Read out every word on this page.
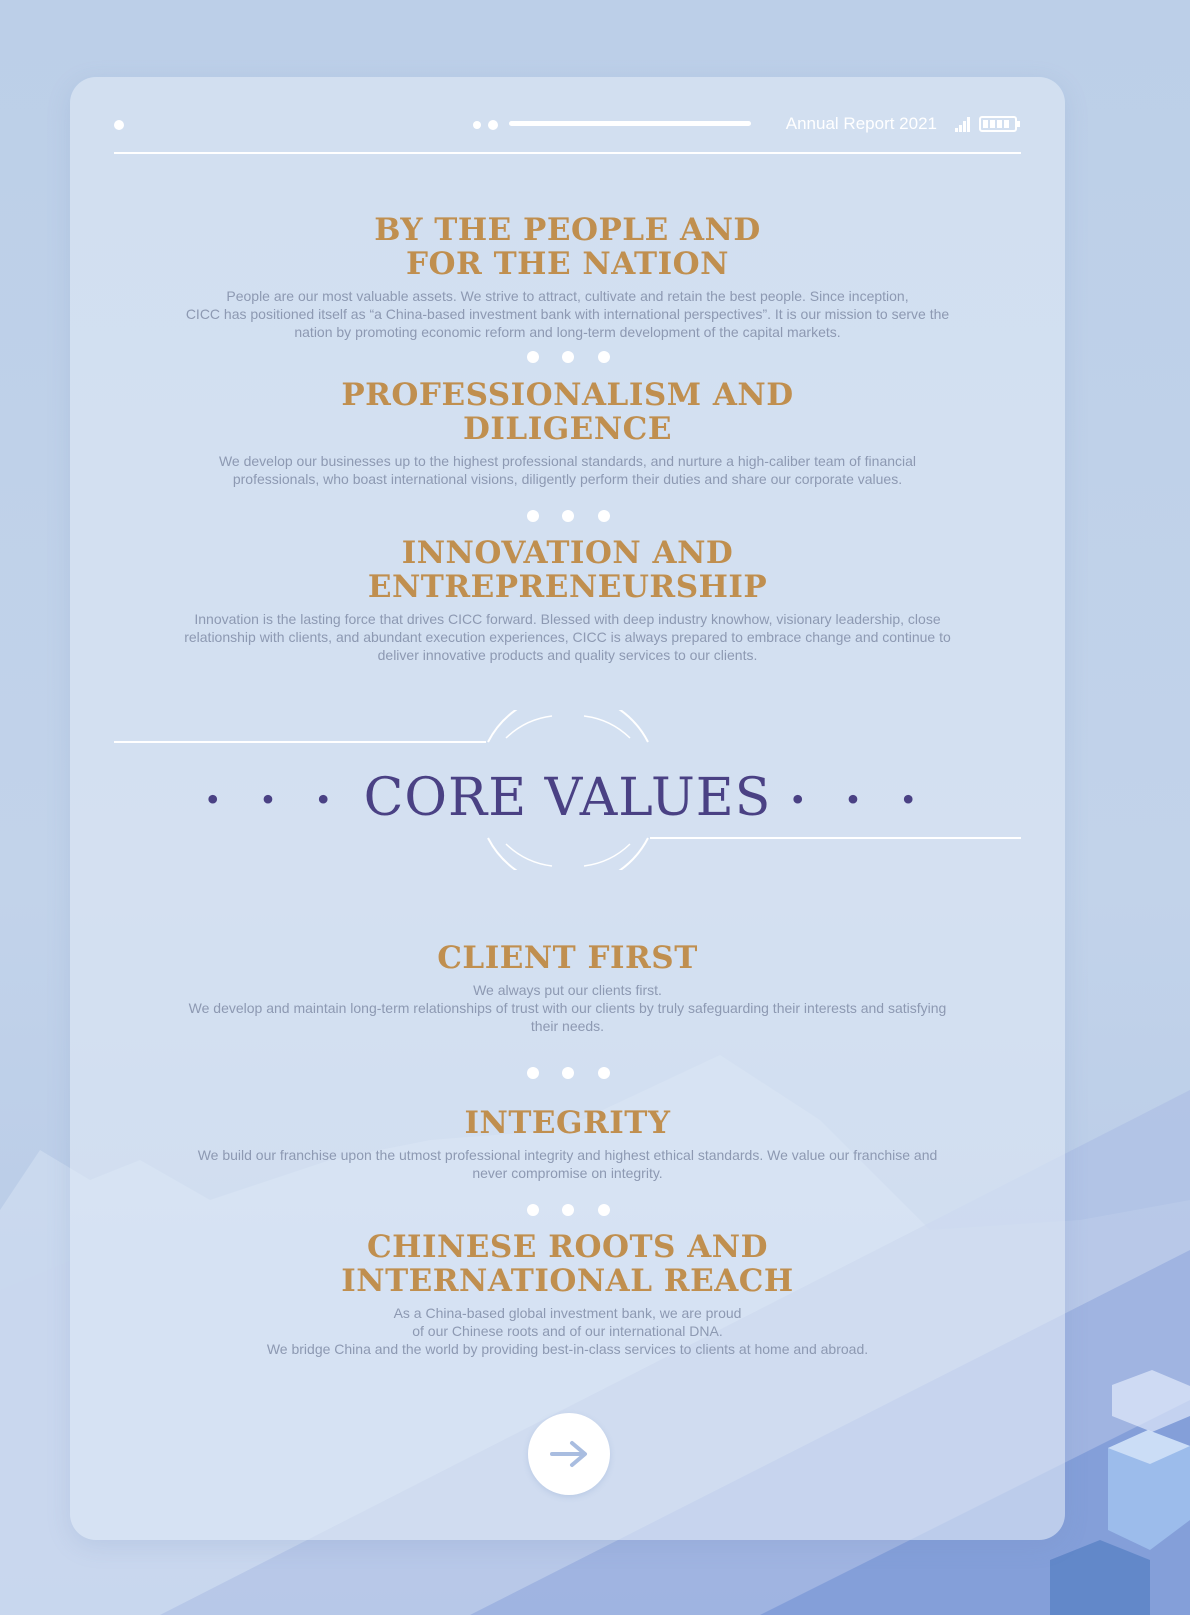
Annual Report 2021
BY THE PEOPLE AND
FOR THE NATION

People are our most valuable assets. We strive to attract, cultivate and retain the best people. Since inception,
CICC has positioned itself as “a China-based investment bank with international perspectives”. It is our mission to serve the
nation by promoting economic reform and long-term development of the capital markets.

PROFESSIONALISM AND
DILIGENCE

We develop our businesses up to the highest professional standards, and nurture a high-caliber team of financial
professionals, who boast international visions, diligently perform their duties and share our corporate values.

INNOVATION AND
ENTREPRENEURSHIP

Innovation is the lasting force that drives CICC forward. Blessed with deep industry knowhow, visionary leadership, close
relationship with clients, and abundant execution experiences, CICC is always prepared to embrace change and continue to
deliver innovative products and quality services to our clients.

• • • CORE VALUES • • •
CLIENT FIRST

We always put our clients first.
We develop and maintain long-term relationships of trust with our clients by truly safeguarding their interests and satisfying
their needs.

INTEGRITY

We build our franchise upon the utmost professional integrity and highest ethical standards. We value our franchise and
never compromise on integrity.

CHINESE ROOTS AND
INTERNATIONAL REACH

As a China-based global investment bank, we are proud
of our Chinese roots and of our international DNA.
We bridge China and the world by providing best-in-class services to clients at home and abroad.
